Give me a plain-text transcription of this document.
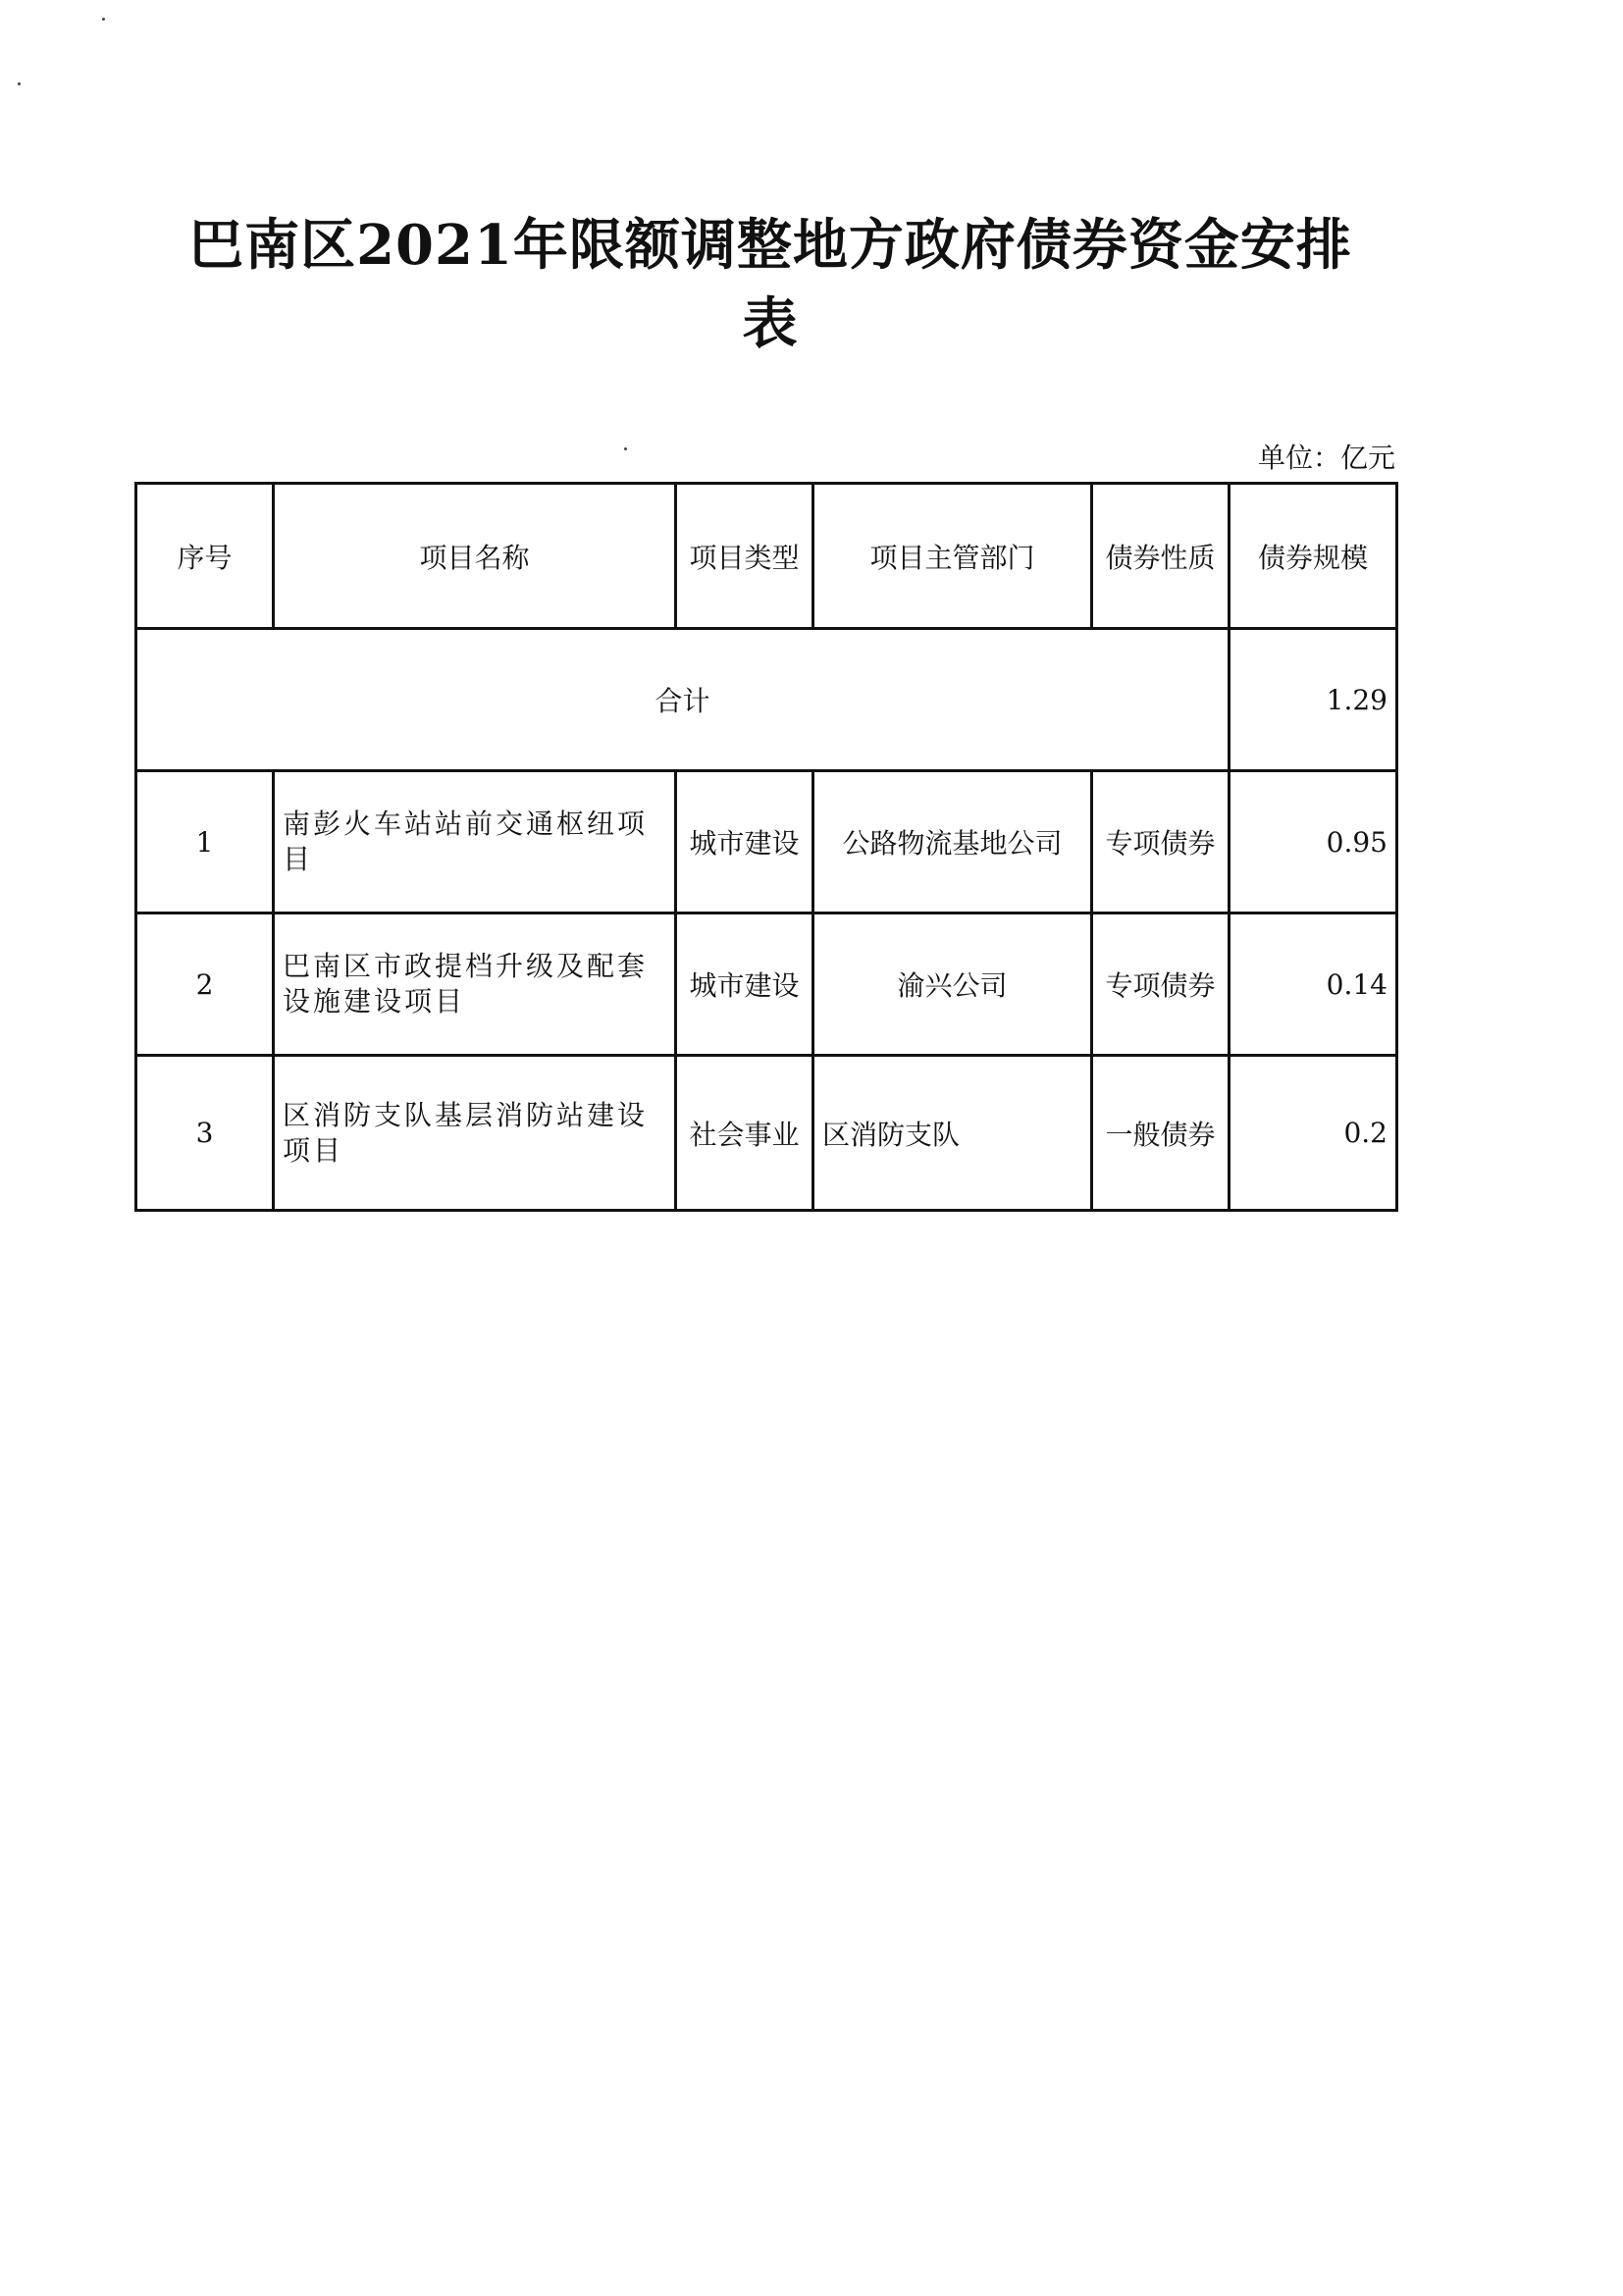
巴南区2021年限额调整地方政府债券资金安排
表
单位：亿元
序号	项目名称	项目类型	项目主管部门	债券性质	债券规模
合计					1.29
1	南彭火车站站前交通枢纽项目	城市建设	公路物流基地公司	专项债券	0.95
2	巴南区市政提档升级及配套设施建设项目	城市建设	渝兴公司	专项债券	0.14
3	区消防支队基层消防站建设项目	社会事业	区消防支队	一般债券	0.2
